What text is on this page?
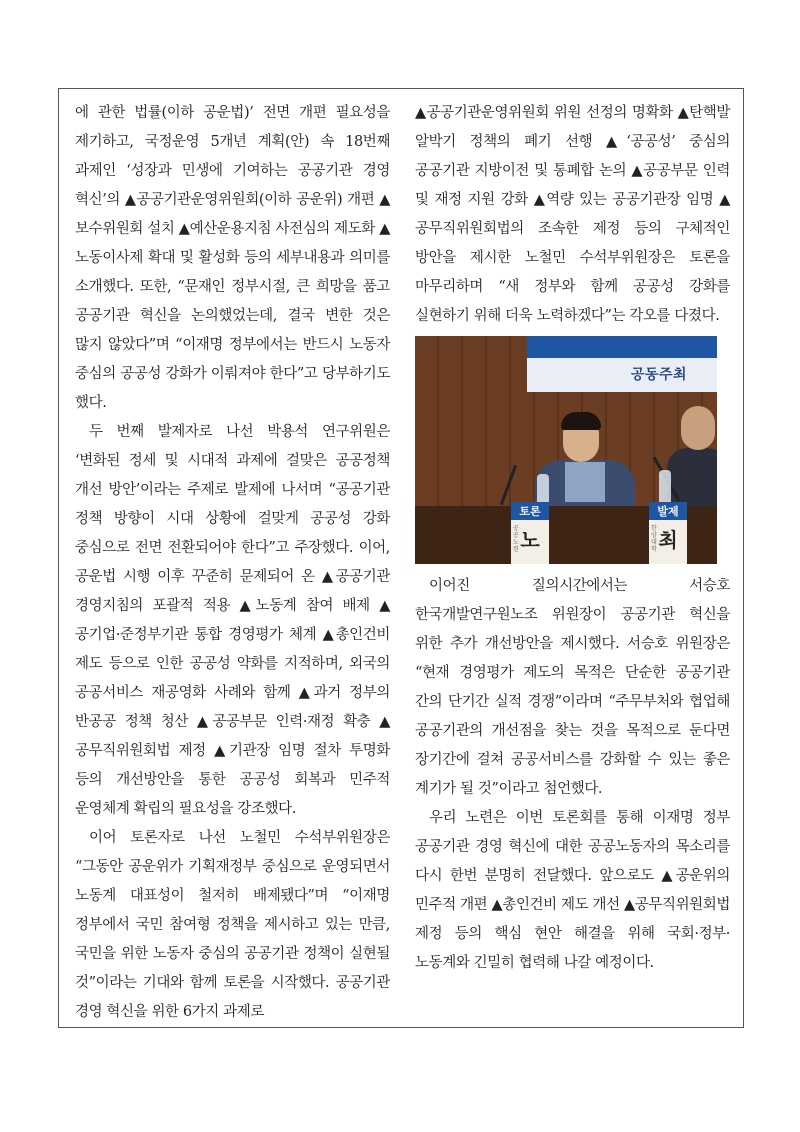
에 관한 법률(이하 공운법)’ 전면 개편 필요성을 제기하고, 국정운영 5개년 계획(안) 속 18번째 과제인 ‘성장과 민생에 기여하는 공공기관 경영 혁신’의 ▲공공기관운영위원회(이하 공운위) 개편 ▲보수위원회 설치 ▲예산운용지침 사전심의 제도화 ▲노동이사제 확대 및 활성화 등의 세부내용과 의미를 소개했다. 또한, “문재인 정부시절, 큰 희망을 품고 공공기관 혁신을 논의했었는데, 결국 변한 것은 많지 않았다”며 “이재명 정부에서는 반드시 노동자 중심의 공공성 강화가 이뤄져야 한다”고 당부하기도 했다.

두 번째 발제자로 나선 박용석 연구위원은 ‘변화된 정세 및 시대적 과제에 걸맞은 공공정책 개선 방안’이라는 주제로 발제에 나서며 “공공기관 정책 방향이 시대 상황에 걸맞게 공공성 강화 중심으로 전면 전환되어야 한다”고 주장했다. 이어, 공운법 시행 이후 꾸준히 문제되어 온 ▲공공기관 경영지침의 포괄적 적용 ▲노동계 참여 배제 ▲공기업·준정부기관 통합 경영평가 체계 ▲총인건비 제도 등으로 인한 공공성 약화를 지적하며, 외국의 공공서비스 재공영화 사례와 함께 ▲과거 정부의 반공공 정책 청산 ▲공공부문 인력·재정 확충 ▲공무직위원회법 제정 ▲기관장 임명 절차 투명화 등의 개선방안을 통한 공공성 회복과 민주적 운영체계 확립의 필요성을 강조했다.

이어 토론자로 나선 노철민 수석부위원장은 “그동안 공운위가 기획재정부 중심으로 운영되면서 노동계 대표성이 철저히 배제됐다”며 “이재명 정부에서 국민 참여형 정책을 제시하고 있는 만큼, 국민을 위한 노동자 중심의 공공기관 정책이 실현될 것”이라는 기대와 함께 토론을 시작했다. 공공기관 경영 혁신을 위한 6가지 과제로

▲공공기관운영위원회 위원 선정의 명확화 ▲탄핵발 알박기 정책의 폐기 선행 ▲‘공공성’ 중심의 공공기관 지방이전 및 통폐합 논의 ▲공공부문 인력 및 재정 지원 강화 ▲역량 있는 공공기관장 임명 ▲공무직위원회법의 조속한 제정 등의 구체적인 방안을 제시한 노철민 수석부위원장은 토론을 마무리하며 “새 정부와 함께 공공성 강화를 실현하기 위해 더욱 노력하겠다”는 각오를 다졌다.

공동주최
토론
공공노련 노
발제
한양대학 최

이어진 질의시간에서는 서승호 한국개발연구원노조 위원장이 공공기관 혁신을 위한 추가 개선방안을 제시했다. 서승호 위원장은 “현재 경영평가 제도의 목적은 단순한 공공기관 간의 단기간 실적 경쟁”이라며 “주무부처와 협업해 공공기관의 개선점을 찾는 것을 목적으로 둔다면 장기간에 걸쳐 공공서비스를 강화할 수 있는 좋은 계기가 될 것”이라고 첨언했다.

우리 노련은 이번 토론회를 통해 이재명 정부 공공기관 경영 혁신에 대한 공공노동자의 목소리를 다시 한번 분명히 전달했다. 앞으로도 ▲공운위의 민주적 개편 ▲총인건비 제도 개선 ▲공무직위원회법 제정 등의 핵심 현안 해결을 위해 국회·정부·노동계와 긴밀히 협력해 나갈 예정이다.
